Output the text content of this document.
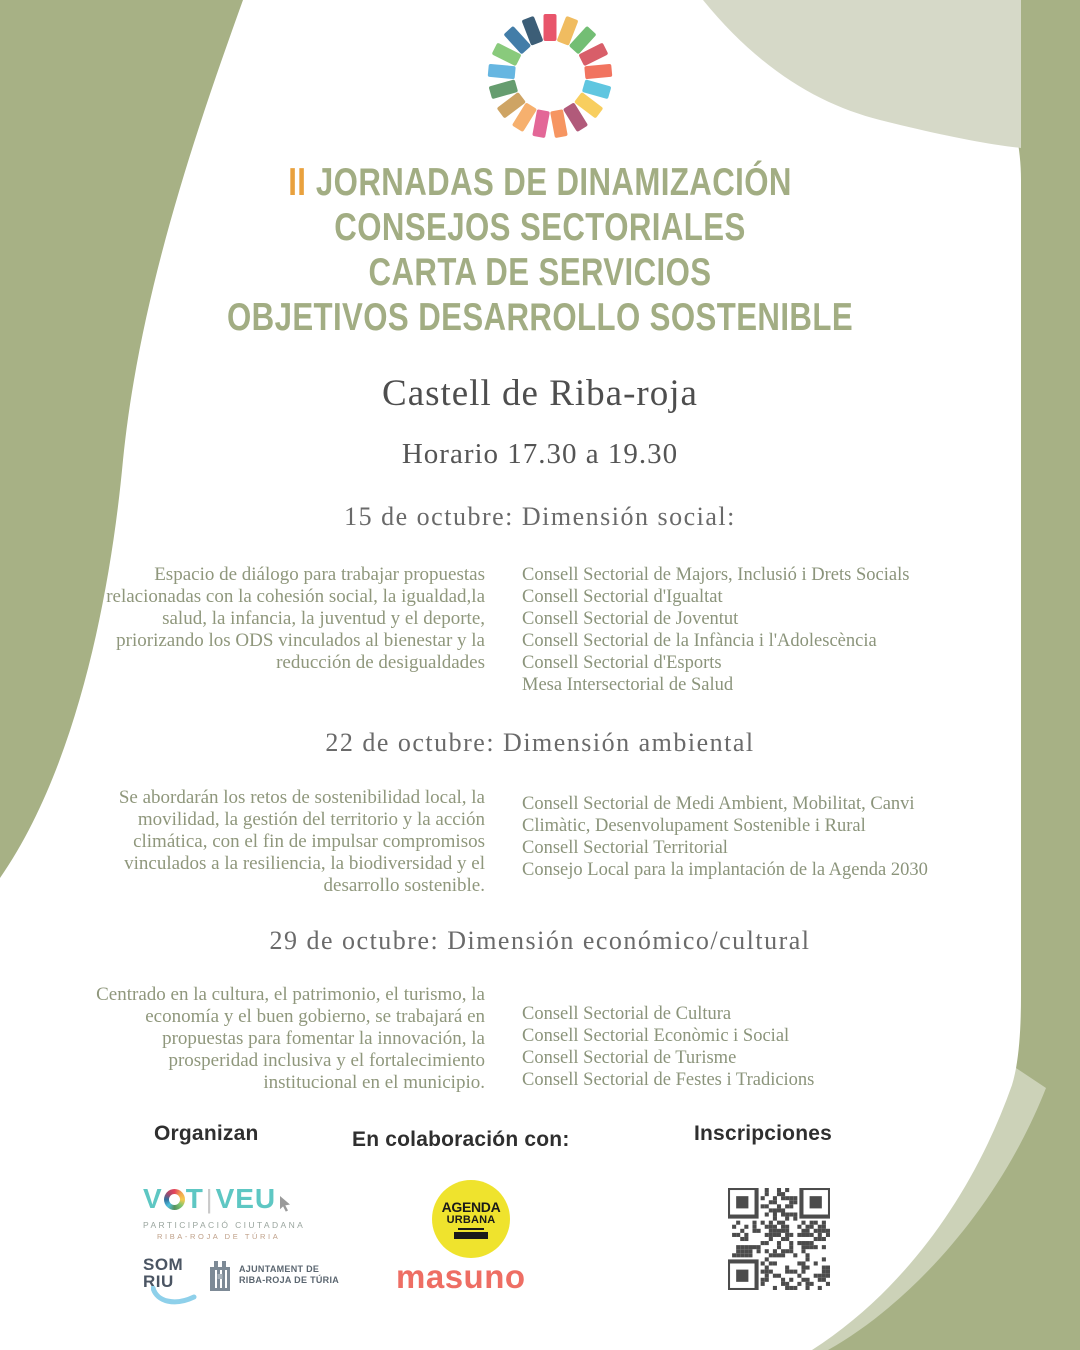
II JORNADAS DE DINAMIZACIÓN
CONSEJOS SECTORIALES
CARTA DE SERVICIOS
OBJETIVOS DESARROLLO SOSTENIBLE
Castell de Riba-roja
Horario 17.30 a 19.30
15 de octubre: Dimensión social:
Espacio de diálogo para trabajar propuestas relacionadas con la cohesión social, la igualdad,la salud, la infancia, la juventud y el deporte, priorizando los ODS vinculados al bienestar y la reducción de desigualdades
Consell Sectorial de Majors, Inclusió i Drets Socials
Consell Sectorial d'Igualtat
Consell Sectorial de Joventut
Consell Sectorial de la Infància i l'Adolescència
Consell Sectorial d'Esports
Mesa Intersectorial de Salud
22 de octubre: Dimensión ambiental
Se abordarán los retos de sostenibilidad local, la movilidad, la gestión del territorio y la acción climática, con el fin de impulsar compromisos vinculados a la resiliencia, la biodiversidad y el desarrollo sostenible.
Consell Sectorial de Medi Ambient, Mobilitat, Canvi Climàtic, Desenvolupament Sostenible i Rural
Consell Sectorial Territorial
Consejo Local para la implantación de la Agenda 2030
29 de octubre: Dimensión económico/cultural
Centrado en la cultura, el patrimonio, el turismo, la economía y el buen gobierno, se trabajará en propuestas para fomentar la innovación, la prosperidad inclusiva y el fortalecimiento institucional en el municipio.
Consell Sectorial de Cultura
Consell Sectorial Econòmic i Social
Consell Sectorial de Turisme
Consell Sectorial de Festes i Tradicions
Organizan	En colaboración con:	Inscripciones
V T | VEU
PARTICIPACIÓ CIUTADANA
RIBA-ROJA DE TÚRIA
AGENDA
URBANA
SOM
RIU
AJUNTAMENT DE
RIBA-ROJA DE TÚRIA masuno
